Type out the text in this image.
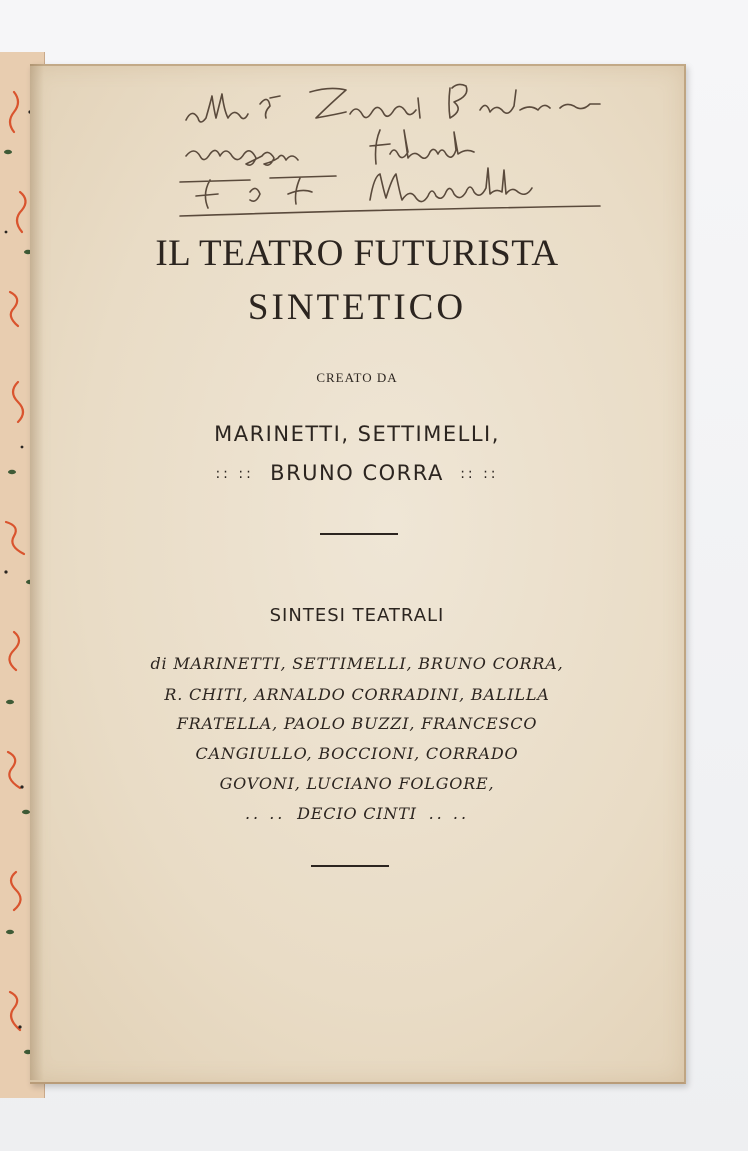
IL TEATRO FUTURISTA
SINTETICO
CREATO DA
MARINETTI, SETTIMELLI,
:: :: BRUNO CORRA :: ::
SINTESI TEATRALI
di MARINETTI, SETTIMELLI, BRUNO CORRA,
R. CHITI, ARNALDO CORRADINI, BALILLA
FRATELLA, PAOLO BUZZI, FRANCESCO
CANGIULLO, BOCCIONI, CORRADO
GOVONI, LUCIANO FOLGORE,
.. .. DECIO CINTI .. ..
